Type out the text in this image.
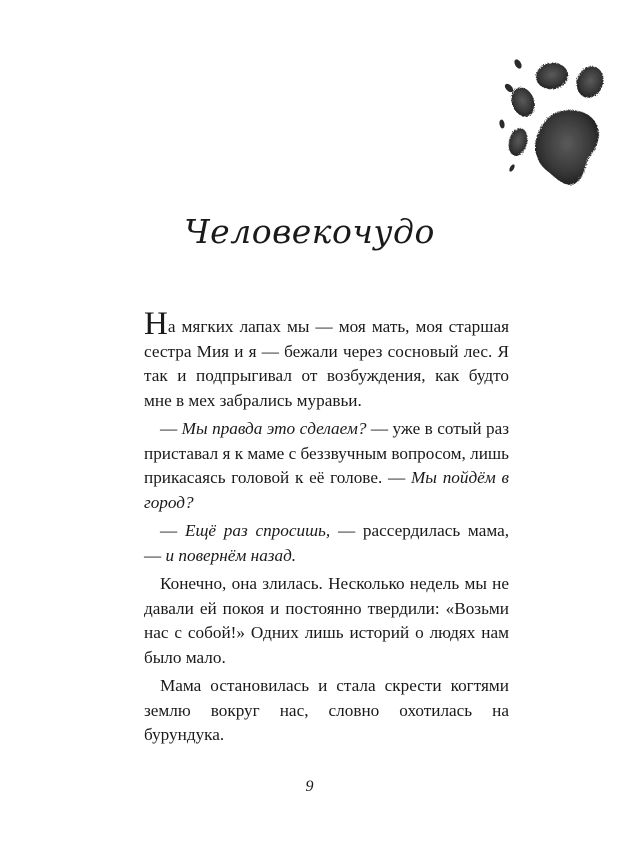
Человекочудо

На мягких лапах мы — моя мать, моя старшая сестра Мия и я — бежали через сосновый лес. Я так и подпрыгивал от возбуждения, как будто мне в мех забрались муравьи.

— Мы правда это сделаем? — уже в сотый раз приставал я к маме с беззвучным вопросом, лишь прикасаясь головой к её голове. — Мы пойдём в город?

— Ещё раз спросишь, — рассердилась мама, — и повернём назад.

Конечно, она злилась. Несколько недель мы не давали ей покоя и постоянно твердили: «Возьми нас с собой!» Одних лишь историй о людях нам было мало.

Мама остановилась и стала скрести когтями землю вокруг нас, словно охотилась на бурундука.

9
